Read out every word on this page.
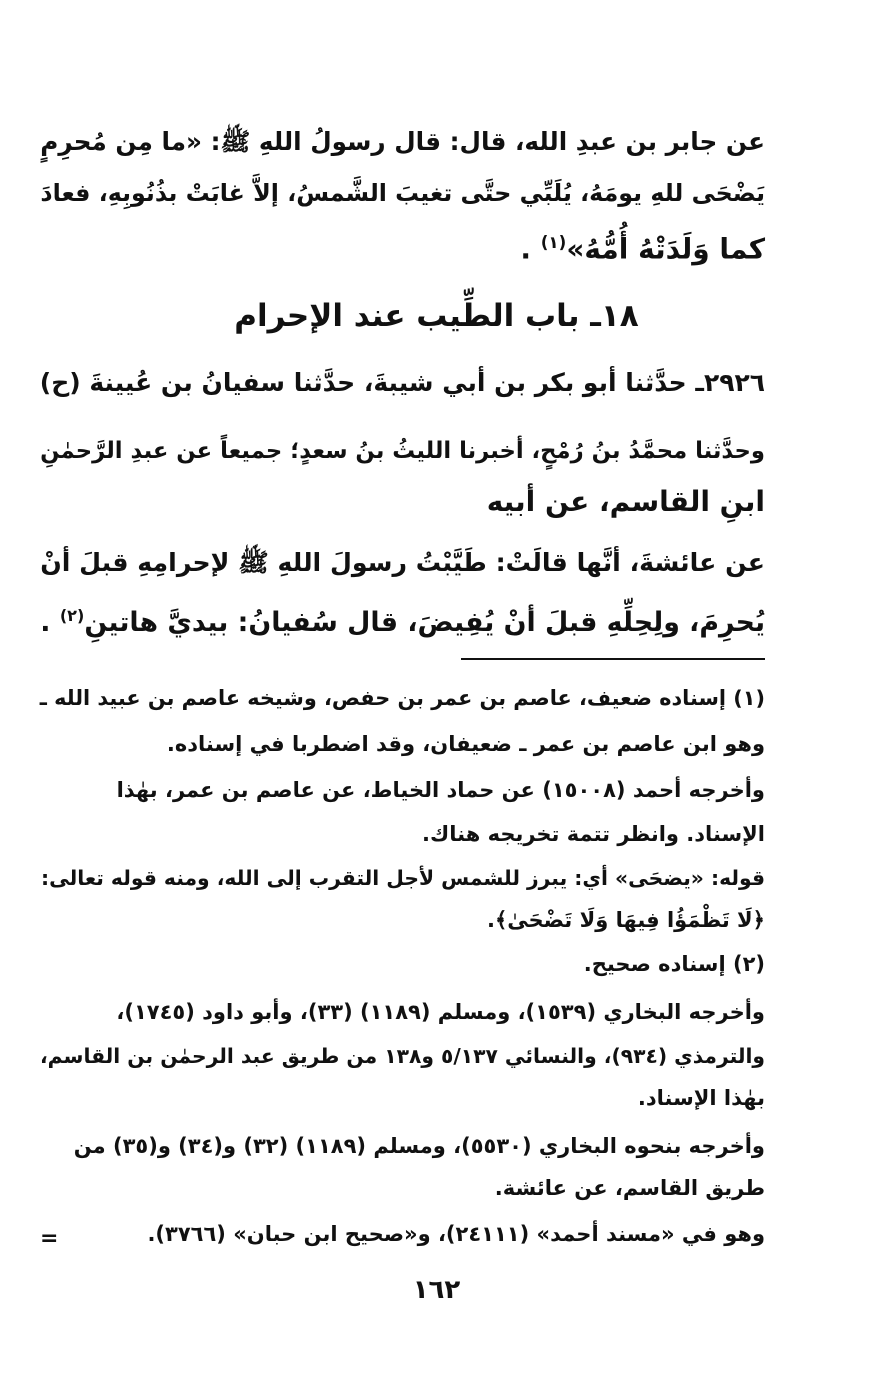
عن جابر بن عبدِ الله، قال: قال رسولُ اللهِ ﷺ: «ما مِن مُحرِمٍ
يَضْحَى للهِ يومَهُ، يُلَبِّي حتَّى تغيبَ الشَّمسُ، إلاَّ غابَتْ بذُنُوبِهِ، فعادَ
كما وَلَدَتْهُ أُمُّهُ»$^{(١)}$ .
١٨ـ باب الطِّيب عند الإحرام
٢٩٢٦ـ حدَّثنا أبو بكر بن أبي شيبةَ، حدَّثنا سفيانُ بن عُيينةَ (ح)
وحدَّثنا محمَّدُ بنُ رُمْحٍ، أخبرنا الليثُ بنُ سعدٍ؛ جميعاً عن عبدِ الرَّحمٰنِ
ابنِ القاسم، عن أبيه
عن عائشةَ، أنَّها قالَتْ: طَيَّبْتُ رسولَ اللهِ ﷺ لإحرامِهِ قبلَ أنْ
يُحرِمَ، ولِحِلِّهِ قبلَ أنْ يُفِيضَ، قال سُفيانُ: بيديَّ هاتينِ$^{(٢)}$ .
(١) إسناده ضعيف، عاصم بن عمر بن حفص، وشيخه عاصم بن عبيد الله ـ
وهو ابن عاصم بن عمر ـ ضعيفان، وقد اضطربا في إسناده.
وأخرجه أحمد (١٥٠٠٨) عن حماد الخياط، عن عاصم بن عمر، بهٰذا
الإسناد. وانظر تتمة تخريجه هناك.
قوله: «يضحَى» أي: يبرز للشمس لأجل التقرب إلى الله، ومنه قوله تعالى:
﴿لَا تَظْمَؤُا فِيهَا وَلَا تَضْحَىٰ﴾.
(٢) إسناده صحيح.
وأخرجه البخاري (١٥٣٩)، ومسلم (١١٨٩) (٣٣)، وأبو داود (١٧٤٥)،
والترمذي (٩٣٤)، والنسائي ٥/١٣٧ و١٣٨ من طريق عبد الرحمٰن بن القاسم،
بهٰذا الإسناد.
وأخرجه بنحوه البخاري (٥٥٣٠)، ومسلم (١١٨٩) (٣٢) و(٣٤) و(٣٥) من
طريق القاسم، عن عائشة.
وهو في «مسند أحمد» (٢٤١١١)، و«صحيح ابن حبان» (٣٧٦٦).
=
١٦٢
